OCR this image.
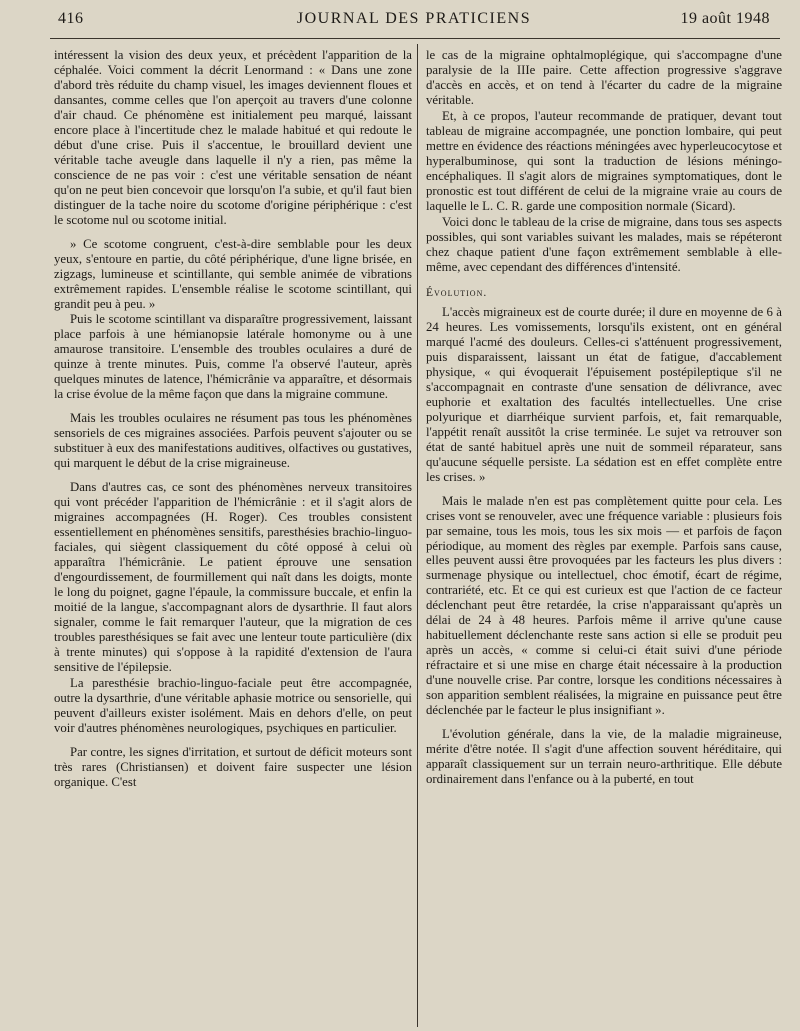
416	JOURNAL DES PRATICIENS	19 août 1948

intéressent la vision des deux yeux, et précèdent l'apparition de la céphalée. Voici comment la décrit Lenormand : « Dans une zone d'abord très réduite du champ visuel, les images deviennent floues et dansantes, comme celles que l'on aperçoit au travers d'une colonne d'air chaud. Ce phénomène est initialement peu marqué, laissant encore place à l'incertitude chez le malade habitué et qui redoute le début d'une crise. Puis il s'accentue, le brouillard devient une véritable tache aveugle dans laquelle il n'y a rien, pas même la conscience de ne pas voir : c'est une véritable sensation de néant qu'on ne peut bien concevoir que lorsqu'on l'a subie, et qu'il faut bien distinguer de la tache noire du scotome d'origine périphérique : c'est le scotome nul ou scotome initial.

» Ce scotome congruent, c'est-à-dire semblable pour les deux yeux, s'entoure en partie, du côté périphérique, d'une ligne brisée, en zigzags, lumineuse et scintillante, qui semble animée de vibrations extrêmement rapides. L'ensemble réalise le scotome scintillant, qui grandit peu à peu. »

Puis le scotome scintillant va disparaître progressivement, laissant place parfois à une hémianopsie latérale homonyme ou à une amaurose transitoire. L'ensemble des troubles oculaires a duré de quinze à trente minutes. Puis, comme l'a observé l'auteur, après quelques minutes de latence, l'hémicrânie va apparaître, et désormais la crise évolue de la même façon que dans la migraine commune.

Mais les troubles oculaires ne résument pas tous les phénomènes sensoriels de ces migraines associées. Parfois peuvent s'ajouter ou se substituer à eux des manifestations auditives, olfactives ou gustatives, qui marquent le début de la crise migraineuse.

Dans d'autres cas, ce sont des phénomènes nerveux transitoires qui vont précéder l'apparition de l'hémicrânie : et il s'agit alors de migraines accompagnées (H. Roger). Ces troubles consistent essentiellement en phénomènes sensitifs, paresthésies brachio-linguo-faciales, qui siègent classiquement du côté opposé à celui où apparaîtra l'hémicrânie. Le patient éprouve une sensation d'engourdissement, de fourmillement qui naît dans les doigts, monte le long du poignet, gagne l'épaule, la commissure buccale, et enfin la moitié de la langue, s'accompagnant alors de dysarthrie. Il faut alors signaler, comme le fait remarquer l'auteur, que la migration de ces troubles paresthésiques se fait avec une lenteur toute particulière (dix à trente minutes) qui s'oppose à la rapidité d'extension de l'aura sensitive de l'épilepsie.

La paresthésie brachio-linguo-faciale peut être accompagnée, outre la dysarthrie, d'une véritable aphasie motrice ou sensorielle, qui peuvent d'ailleurs exister isolément. Mais en dehors d'elle, on peut voir d'autres phénomènes neurologiques, psychiques en particulier.

Par contre, les signes d'irritation, et surtout de déficit moteurs sont très rares (Christiansen) et doivent faire suspecter une lésion organique. C'est

le cas de la migraine ophtalmoplégique, qui s'accompagne d'une paralysie de la IIIe paire. Cette affection progressive s'aggrave d'accès en accès, et on tend à l'écarter du cadre de la migraine véritable.

Et, à ce propos, l'auteur recommande de pratiquer, devant tout tableau de migraine accompagnée, une ponction lombaire, qui peut mettre en évidence des réactions méningées avec hyperleucocytose et hyperalbuminose, qui sont la traduction de lésions méningo-encéphaliques. Il s'agit alors de migraines symptomatiques, dont le pronostic est tout différent de celui de la migraine vraie au cours de laquelle le L. C. R. garde une composition normale (Sicard).

Voici donc le tableau de la crise de migraine, dans tous ses aspects possibles, qui sont variables suivant les malades, mais se répéteront chez chaque patient d'une façon extrêmement semblable à elle-même, avec cependant des différences d'intensité.

Évolution.

L'accès migraineux est de courte durée; il dure en moyenne de 6 à 24 heures. Les vomissements, lorsqu'ils existent, ont en général marqué l'acmé des douleurs. Celles-ci s'atténuent progressivement, puis disparaissent, laissant un état de fatigue, d'accablement physique, « qui évoquerait l'épuisement postépileptique s'il ne s'accompagnait en contraste d'une sensation de délivrance, avec euphorie et exaltation des facultés intellectuelles. Une crise polyurique et diarrhéique survient parfois, et, fait remarquable, l'appétit renaît aussitôt la crise terminée. Le sujet va retrouver son état de santé habituel après une nuit de sommeil réparateur, sans qu'aucune séquelle persiste. La sédation est en effet complète entre les crises. »

Mais le malade n'en est pas complètement quitte pour cela. Les crises vont se renouveler, avec une fréquence variable : plusieurs fois par semaine, tous les mois, tous les six mois — et parfois de façon périodique, au moment des règles par exemple. Parfois sans cause, elles peuvent aussi être provoquées par les facteurs les plus divers : surmenage physique ou intellectuel, choc émotif, écart de régime, contrariété, etc. Et ce qui est curieux est que l'action de ce facteur déclenchant peut être retardée, la crise n'apparaissant qu'après un délai de 24 à 48 heures. Parfois même il arrive qu'une cause habituellement déclenchante reste sans action si elle se produit peu après un accès, « comme si celui-ci était suivi d'une période réfractaire et si une mise en charge était nécessaire à la production d'une nouvelle crise. Par contre, lorsque les conditions nécessaires à son apparition semblent réalisées, la migraine en puissance peut être déclenchée par le facteur le plus insignifiant ».

L'évolution générale, dans la vie, de la maladie migraineuse, mérite d'être notée. Il s'agit d'une affection souvent héréditaire, qui apparaît classiquement sur un terrain neuro-arthritique. Elle débute ordinairement dans l'enfance ou à la puberté, en tout
